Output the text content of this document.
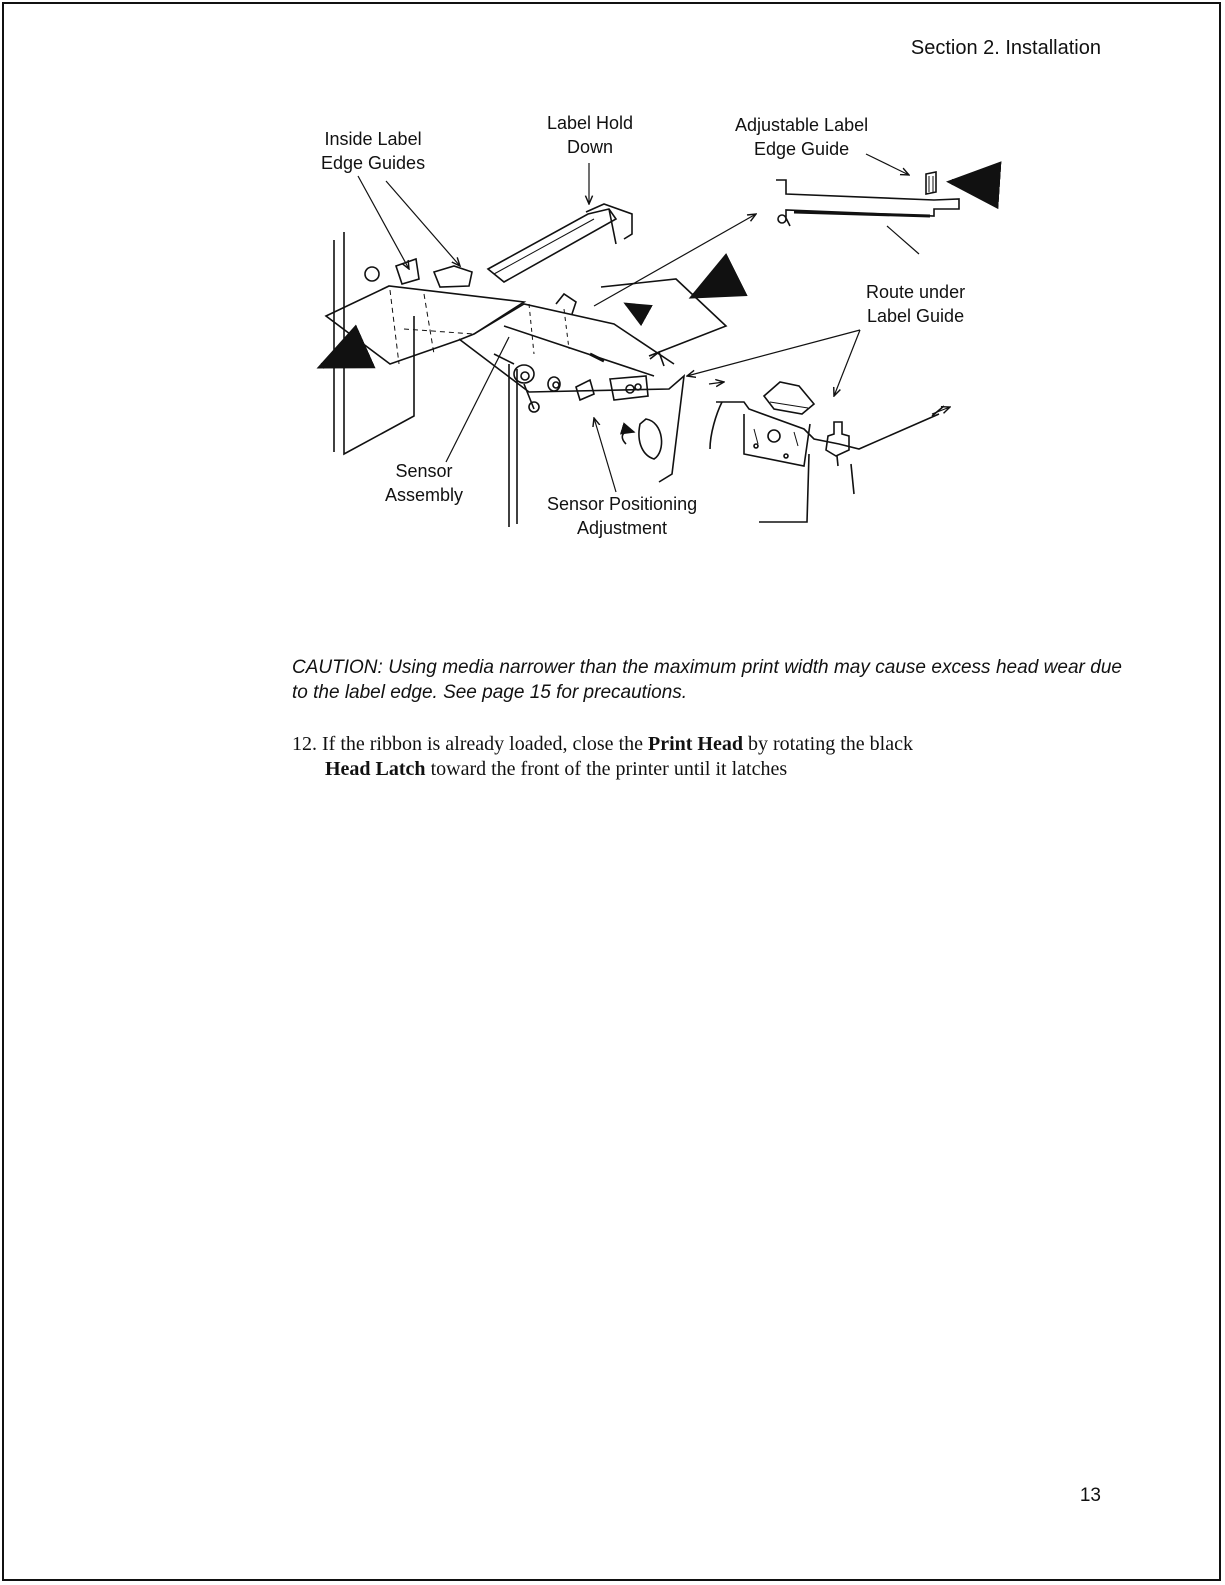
Section 2. Installation
Inside Label
Edge Guides
Label Hold
Down
Adjustable Label
Edge Guide
Route under
Label Guide
Sensor
Assembly	Sensor Positioning
Adjustment
CAUTION: Using media narrower than the maximum print width may cause excess head wear due to the label edge. See page 15 for precautions.
12. If the ribbon is already loaded, close the Print Head by rotating the black
Head Latch toward the front of the printer until it latches
13
